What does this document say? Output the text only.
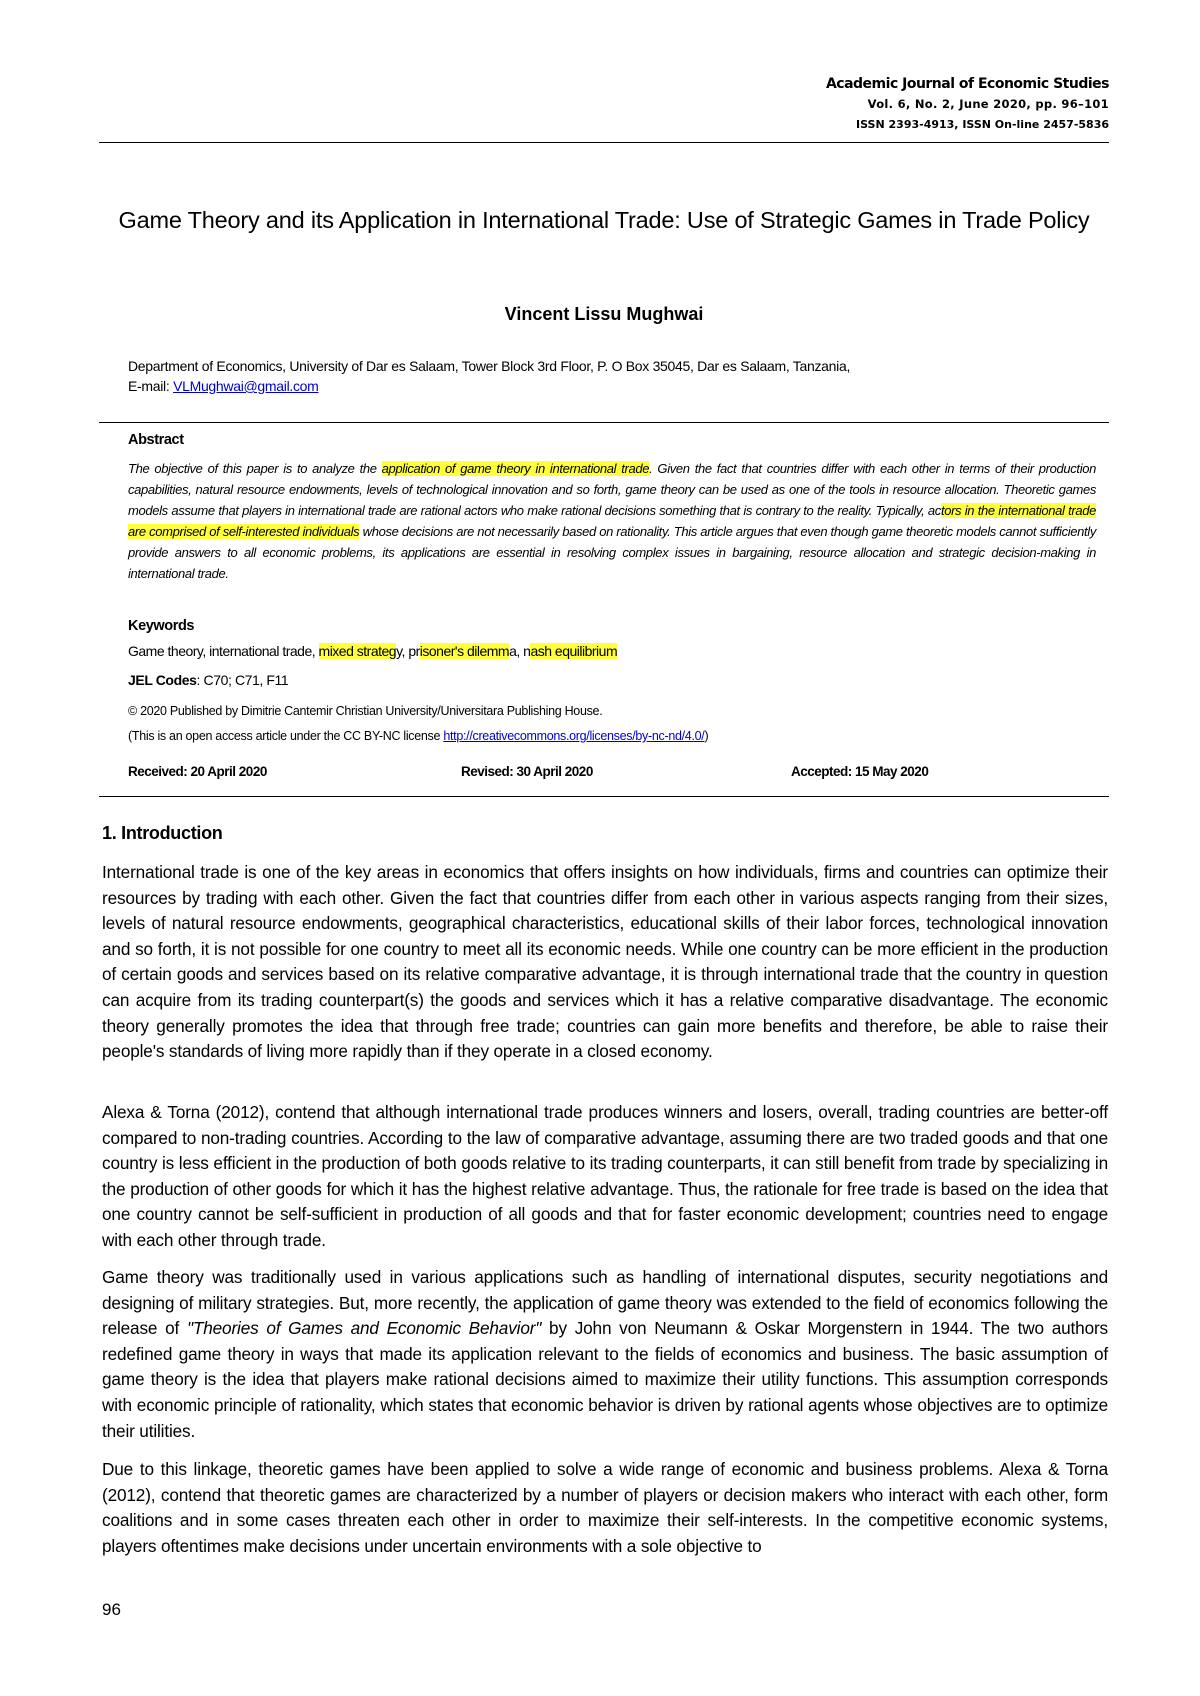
Academic Journal of Economic Studies
Vol. 6, No. 2, June 2020, pp. 96–101
ISSN 2393-4913, ISSN On-line 2457-5836
Game Theory and its Application in International Trade: Use of Strategic Games in Trade Policy
Vincent Lissu Mughwai
Department of Economics, University of Dar es Salaam, Tower Block 3rd Floor, P. O Box 35045, Dar es Salaam, Tanzania,
E-mail: VLMughwai@gmail.com
Abstract

The objective of this paper is to analyze the application of game theory in international trade. Given the fact that countries differ with each other in terms of their production capabilities, natural resource endowments, levels of technological innovation and so forth, game theory can be used as one of the tools in resource allocation. Theoretic games models assume that players in international trade are rational actors who make rational decisions something that is contrary to the reality. Typically, actors in the international trade are comprised of self-interested individuals whose decisions are not necessarily based on rationality. This article argues that even though game theoretic models cannot sufficiently provide answers to all economic problems, its applications are essential in resolving complex issues in bargaining, resource allocation and strategic decision-making in international trade.

Keywords
Game theory, international trade, mixed strategy, prisoner's dilemma, nash equilibrium
JEL Codes: C70; C71, F11
© 2020 Published by Dimitrie Cantemir Christian University/Universitara Publishing House.
(This is an open access article under the CC BY-NC license http://creativecommons.org/licenses/by-nc-nd/4.0/)
Received: 20 April 2020	Revised: 30 April 2020	Accepted: 15 May 2020
1. Introduction

International trade is one of the key areas in economics that offers insights on how individuals, firms and countries can optimize their resources by trading with each other. Given the fact that countries differ from each other in various aspects ranging from their sizes, levels of natural resource endowments, geographical characteristics, educational skills of their labor forces, technological innovation and so forth, it is not possible for one country to meet all its economic needs. While one country can be more efficient in the production of certain goods and services based on its relative comparative advantage, it is through international trade that the country in question can acquire from its trading counterpart(s) the goods and services which it has a relative comparative disadvantage. The economic theory generally promotes the idea that through free trade; countries can gain more benefits and therefore, be able to raise their people's standards of living more rapidly than if they operate in a closed economy.

Alexa & Torna (2012), contend that although international trade produces winners and losers, overall, trading countries are better-off compared to non-trading countries. According to the law of comparative advantage, assuming there are two traded goods and that one country is less efficient in the production of both goods relative to its trading counterparts, it can still benefit from trade by specializing in the production of other goods for which it has the highest relative advantage. Thus, the rationale for free trade is based on the idea that one country cannot be self-sufficient in production of all goods and that for faster economic development; countries need to engage with each other through trade.

Game theory was traditionally used in various applications such as handling of international disputes, security negotiations and designing of military strategies. But, more recently, the application of game theory was extended to the field of economics following the release of "Theories of Games and Economic Behavior" by John von Neumann & Oskar Morgenstern in 1944. The two authors redefined game theory in ways that made its application relevant to the fields of economics and business. The basic assumption of game theory is the idea that players make rational decisions aimed to maximize their utility functions. This assumption corresponds with economic principle of rationality, which states that economic behavior is driven by rational agents whose objectives are to optimize their utilities.

Due to this linkage, theoretic games have been applied to solve a wide range of economic and business problems. Alexa & Torna (2012), contend that theoretic games are characterized by a number of players or decision makers who interact with each other, form coalitions and in some cases threaten each other in order to maximize their self-interests. In the competitive economic systems, players oftentimes make decisions under uncertain environments with a sole objective to

96
